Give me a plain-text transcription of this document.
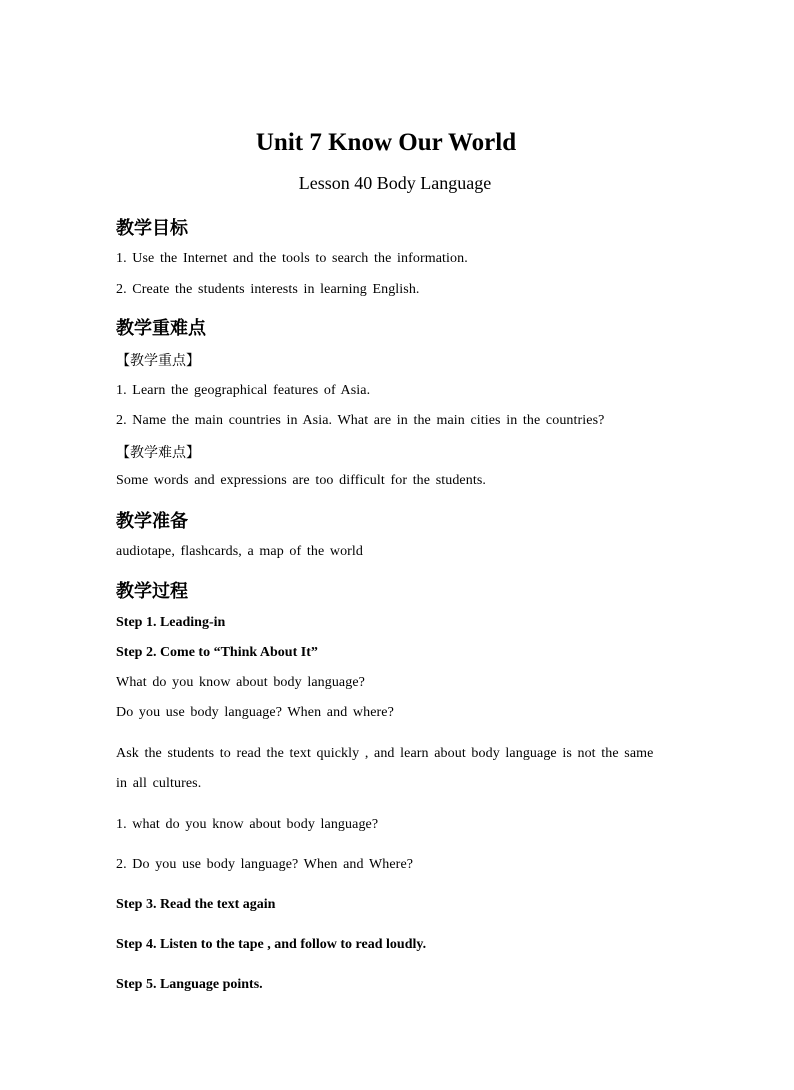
Unit 7 Know Our World
Lesson 40 Body Language
教学目标
1. Use the Internet and the tools to search the information.
2. Create the students interests in learning English.
教学重难点
【教学重点】
1. Learn the geographical features of Asia.
2. Name the main countries in Asia. What are in the main cities in the countries?
【教学难点】
Some words and expressions are too difficult for the students.
教学准备
audiotape, flashcards, a map of the world
教学过程
Step 1. Leading-in
Step 2. Come to “Think About It”
What do you know about body language?
Do you use body language? When and where?
Ask the students to read the text quickly , and learn about body language is not the same
in all cultures.
1. what do you know about body language?
2. Do you use body language? When and Where?
Step 3. Read the text again
Step 4. Listen to the tape , and follow to read loudly.
Step 5. Language points.
